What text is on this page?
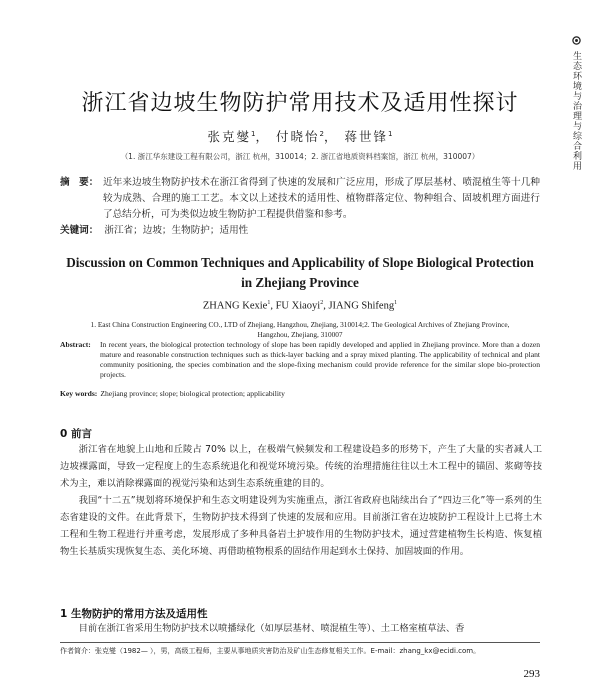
生态环境与治理与综合利用
浙江省边坡生物防护常用技术及适用性探讨
张克燮$^1$， 付晓怡$^2$， 蒋世锋$^1$
（1. 浙江华东建设工程有限公司，浙江 杭州，310014；2. 浙江省地质资料档案馆，浙江 杭州，310007）
摘　要： 近年来边坡生物防护技术在浙江省得到了快速的发展和广泛应用，形成了厚层基材、喷混植生等十几种较为成熟、合理的施工工艺。本文以上述技术的适用性、植物群落定位、物种组合、固坡机理方面进行了总结分析，可为类似边坡生物防护工程提供借鉴和参考。
关键词： 浙江省；边坡；生物防护；适用性
Discussion on Common Techniques and Applicability of Slope Biological Protection
in Zhejiang Province
ZHANG Kexie$^1$, FU Xiaoyi$^2$, JIANG Shifeng$^1$
1. East China Construction Engineering CO., LTD of Zhejiang, Hangzhou, Zhejiang, 310014;2. The Geological Archives of Zhejiang Province, Hangzhou, Zhejiang, 310007
Abstract: In recent years, the biological protection technology of slope has been rapidly developed and applied in Zhejiang province. More than a dozen mature and reasonable construction techniques such as thick-layer backing and a spray mixed planting. The applicability of technical and plant community positioning, the species combination and the slope-fixing mechanism could provide reference for the similar slope bio-protection projects.
Key words: Zhejiang province; slope; biological protection; applicability
0 前言

浙江省在地貌上山地和丘陵占 70% 以上，在极端气候频发和工程建设趋多的形势下，产生了大量的实者减人工边坡裸露面，导致一定程度上的生态系统退化和视觉环境污染。传统的治理措施往往以土木工程中的锚固、浆砌等技术为主，难以消除裸露面的视觉污染和达到生态系统重建的目的。

我国“十二五”规划将环境保护和生态文明建设列为实施重点，浙江省政府也陆续出台了“四边三化”等一系列的生态省建设的文件。在此背景下，生物防护技术得到了快速的发展和应用。目前浙江省在边坡防护工程设计上已将土木工程和生物工程进行并重考虑，发展形成了多种具备岩土护坡作用的生物防护技术，通过营建植物生长构造、恢复植物生长基质实现恢复生态、美化环境、再借助植物根系的固结作用起到水土保持、加固坡面的作用。

1 生物防护的常用方法及适用性

目前在浙江省采用生物防护技术以喷播绿化（如厚层基材、喷混植生等）、土工格室植草法、香

作者简介：张克燮（1982— ），男，高级工程师，主要从事地质灾害防治及矿山生态修复相关工作。E-mail：zhang_kx@ecidi.com。
293
